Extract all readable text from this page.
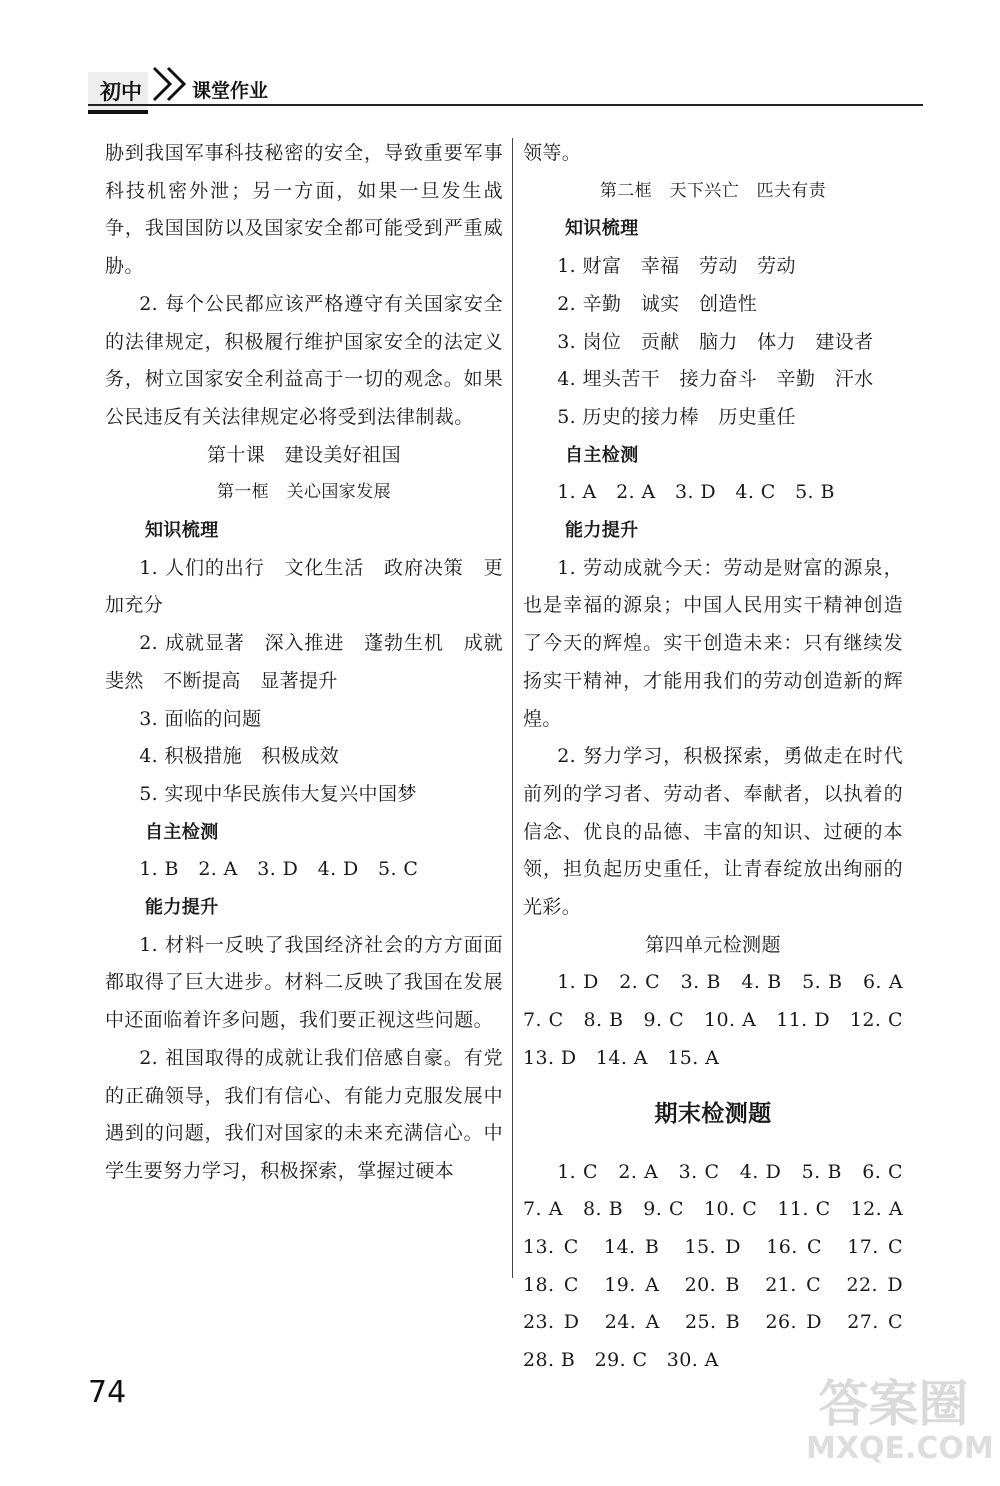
初中	课堂作业

胁到我国军事科技秘密的安全，导致重要军事科技机密外泄；另一方面，如果一旦发生战争，我国国防以及国家安全都可能受到严重威胁。

2. 每个公民都应该严格遵守有关国家安全的法律规定，积极履行维护国家安全的法定义务，树立国家安全利益高于一切的观念。如果公民违反有关法律规定必将受到法律制裁。

第十课　建设美好祖国

第一框　关心国家发展

知识梳理

1. 人们的出行　文化生活　政府决策　更加充分

2. 成就显著　深入推进　蓬勃生机　成就斐然　不断提高　显著提升

3. 面临的问题

4. 积极措施　积极成效

5. 实现中华民族伟大复兴中国梦

自主检测

1. B　2. A　3. D　4. D　5. C

能力提升

1. 材料一反映了我国经济社会的方方面面都取得了巨大进步。材料二反映了我国在发展中还面临着许多问题，我们要正视这些问题。

2. 祖国取得的成就让我们倍感自豪。有党的正确领导，我们有信心、有能力克服发展中遇到的问题，我们对国家的未来充满信心。中学生要努力学习，积极探索，掌握过硬本

领等。

第二框　天下兴亡　匹夫有责

知识梳理

1. 财富　幸福　劳动　劳动

2. 辛勤　诚实　创造性

3. 岗位　贡献　脑力　体力　建设者

4. 埋头苦干　接力奋斗　辛勤　汗水

5. 历史的接力棒　历史重任

自主检测

1. A　2. A　3. D　4. C　5. B

能力提升

1. 劳动成就今天：劳动是财富的源泉，也是幸福的源泉；中国人民用实干精神创造了今天的辉煌。实干创造未来：只有继续发扬实干精神，才能用我们的劳动创造新的辉煌。

2. 努力学习，积极探索，勇做走在时代前列的学习者、劳动者、奉献者，以执着的信念、优良的品德、丰富的知识、过硬的本领，担负起历史重任，让青春绽放出绚丽的光彩。

第四单元检测题

1. D　2. C　3. B　4. B　5. B　6. A　7. C　8. B　9. C　10. A　11. D　12. C　13. D　14. A　15. A

期末检测题

1. C　2. A　3. C　4. D　5. B　6. C　7. A　8. B　9. C　10. C　11. C　12. A　13. C　14. B　15. D　16. C　17. C　18. C　19. A　20. B　21. C　22. D　23. D　24. A　25. B　26. D　27. C　28. B　29. C　30. A

74	答案圈
MXQE.COM
